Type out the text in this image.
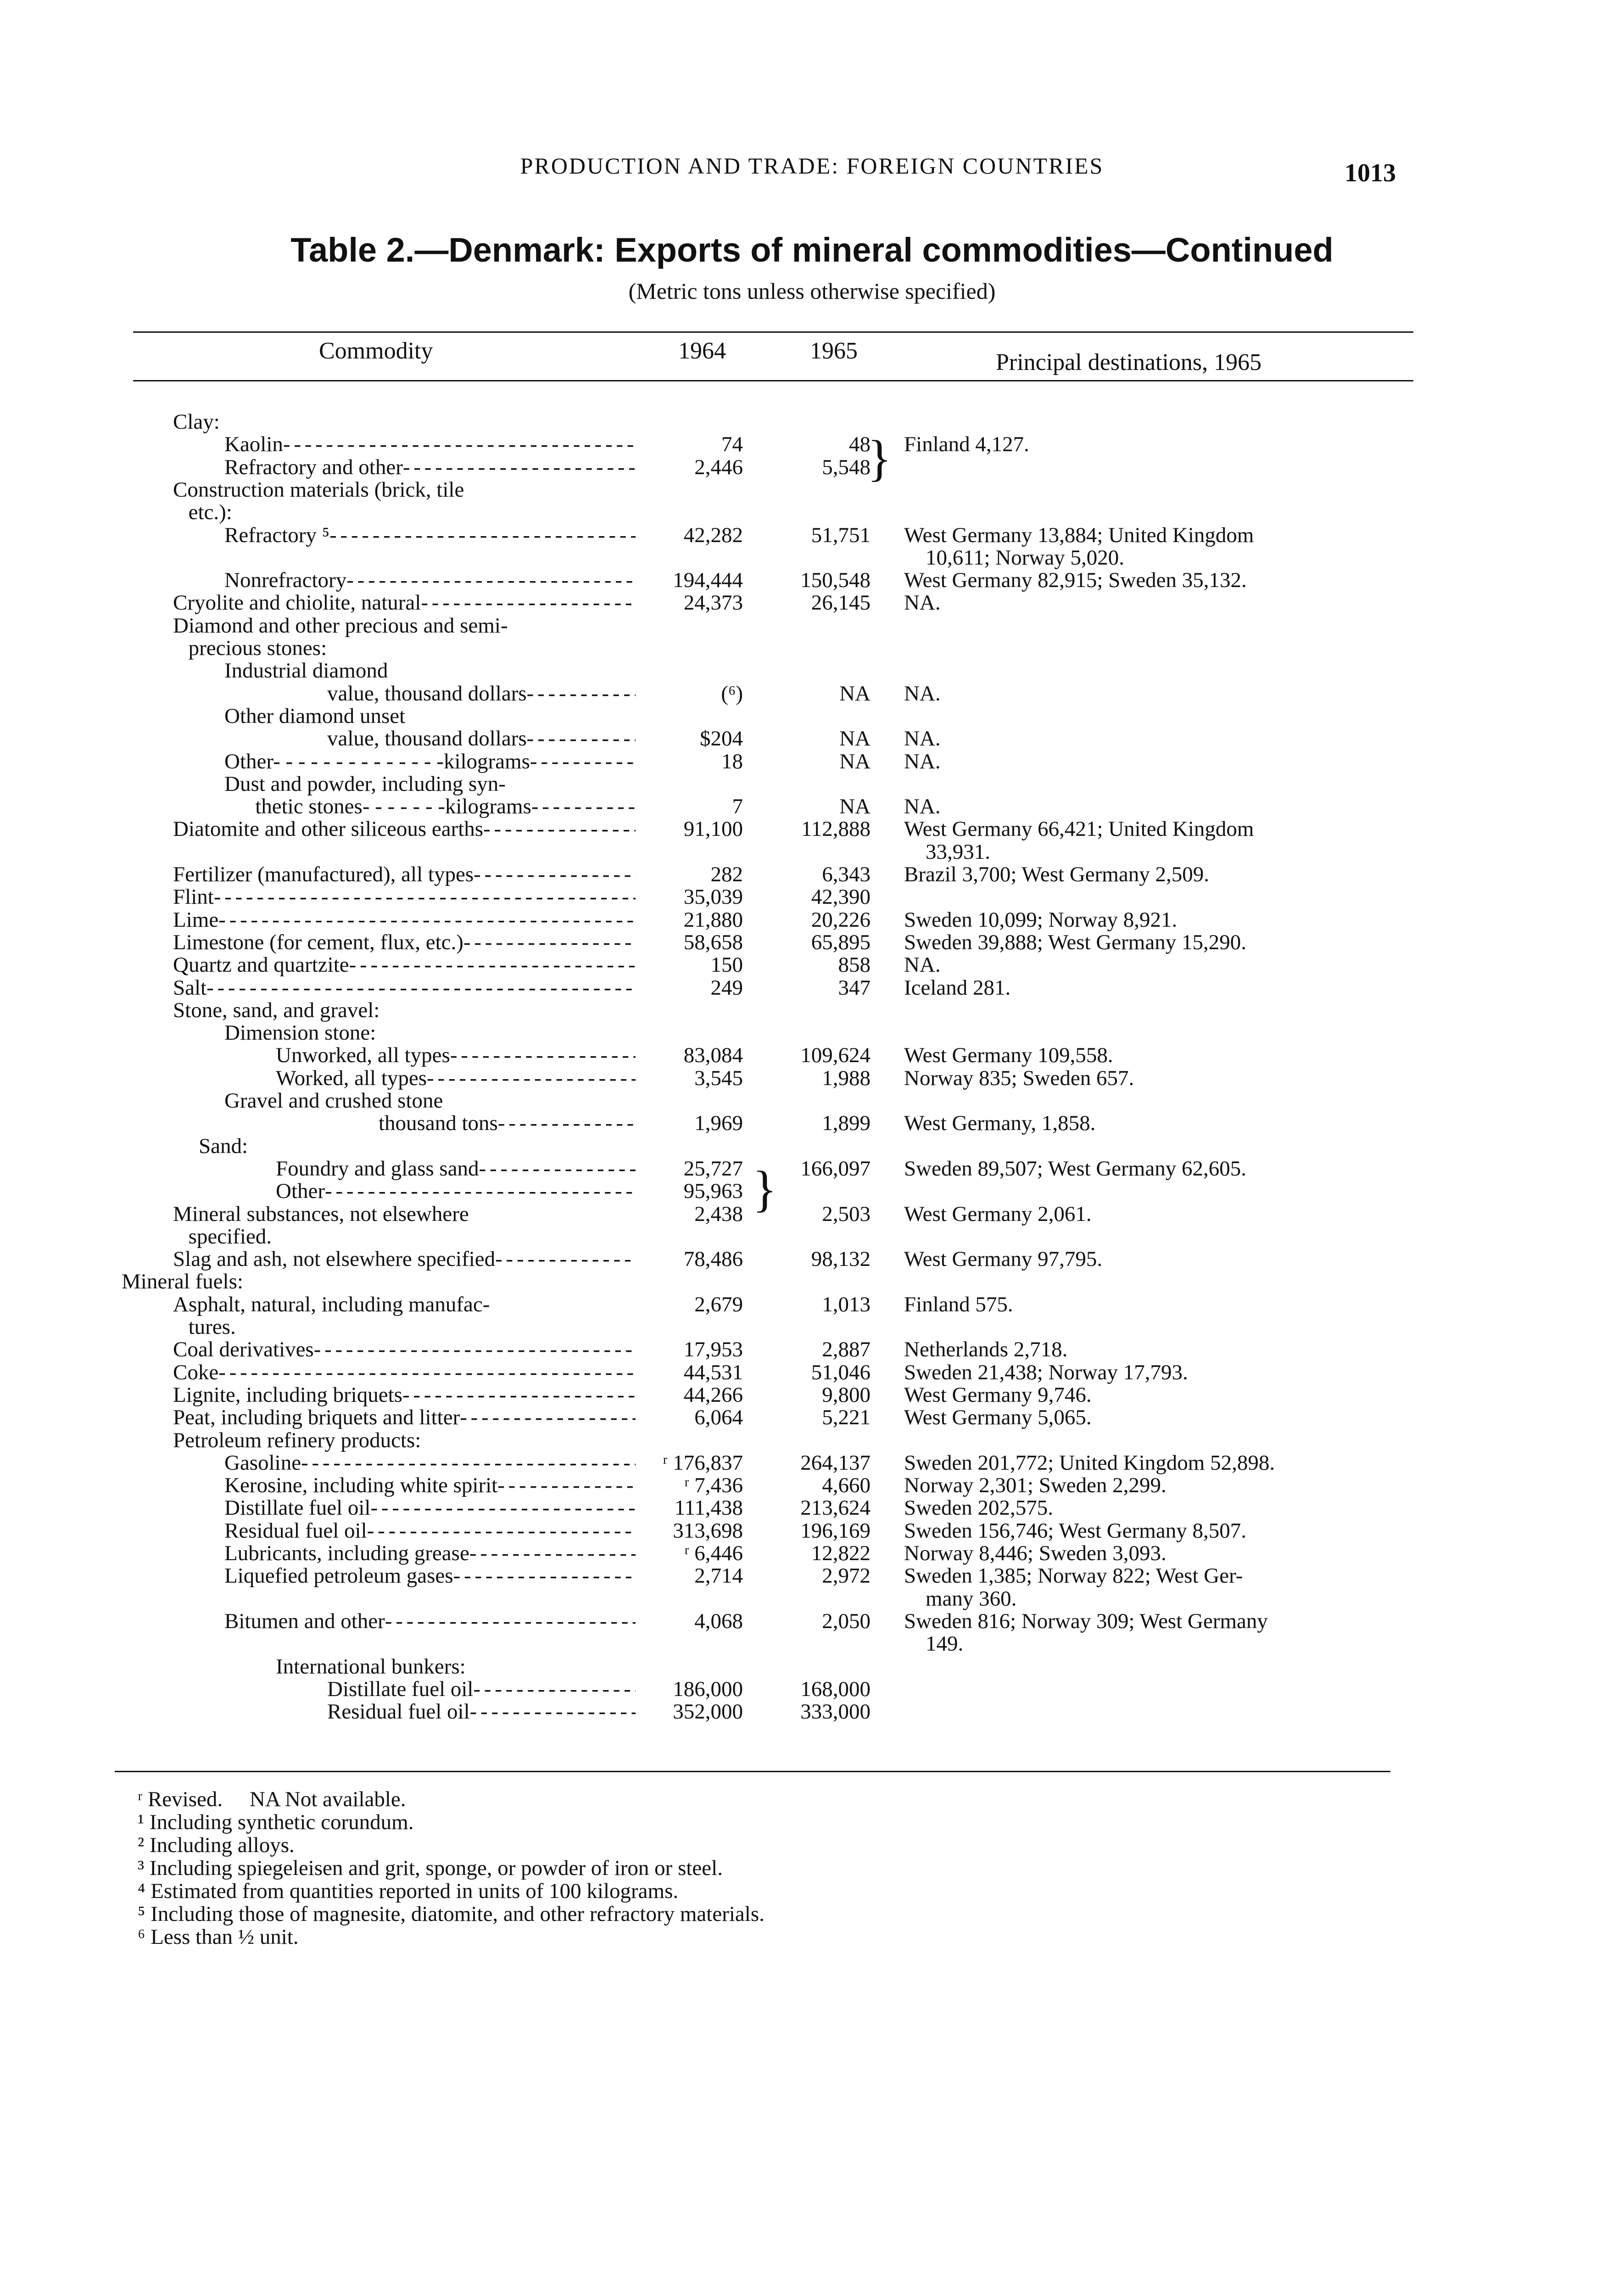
PRODUCTION AND TRADE: FOREIGN COUNTRIES	1013
Table 2.—Denmark: Exports of mineral commodities—Continued
(Metric tons unless otherwise specified)
Commodity	1964	1965	Principal destinations, 1965
Clay:
Kaolin - - -	74	48 Finland 4,127.
Refractory and other - - -	2,446	5,548
Construction materials (brick, tile
etc.):
Refractory ⁵ - - -	42,282	51,751 West Germany 13,884; United Kingdom
10,611; Norway 5,020.
Nonrefractory - - -	194,444	150,548 West Germany 82,915; Sweden 35,132.
Cryolite and chiolite, natural - - -	24,373	26,145 NA.
Diamond and other precious and semi-
precious stones:
Industrial diamond
value, thousand dollars - - -	(⁶)	NA NA.
Other diamond unset
value, thousand dollars - - -	$204	NA NA.
Other- - - - - - - - - - - - - -kilograms - - -	18	NA NA.
Dust and powder, including syn-
thetic stones- - - - - - -kilograms - - -	7	NA NA.
Diatomite and other siliceous earths - - -	91,100	112,888 West Germany 66,421; United Kingdom
33,931.
Fertilizer (manufactured), all types - - -	282	6,343 Brazil 3,700; West Germany 2,509.
Flint - - -	35,039	42,390
Lime - - -	21,880	20,226 Sweden 10,099; Norway 8,921.
Limestone (for cement, flux, etc.) - - -	58,658	65,895 Sweden 39,888; West Germany 15,290.
Quartz and quartzite - - -	150	858 NA.
Salt - - -	249	347 Iceland 281.
Stone, sand, and gravel:
Dimension stone:
Unworked, all types - - -	83,084	109,624 West Germany 109,558.
Worked, all types - - -	3,545	1,988 Norway 835; Sweden 657.
Gravel and crushed stone
thousand tons - - -	1,969	1,899 West Germany, 1,858.
Sand:
Foundry and glass sand - - -	25,727	166,097 Sweden 89,507; West Germany 62,605.
Other - - -	95,963
Mineral substances, not elsewhere	2,438	2,503 West Germany 2,061.
specified.
Slag and ash, not elsewhere specified - - -	78,486	98,132 West Germany 97,795.
Mineral fuels:
Asphalt, natural, including manufac-	2,679	1,013 Finland 575.
tures.
Coal derivatives - - -	17,953	2,887 Netherlands 2,718.
Coke - - -	44,531	51,046 Sweden 21,438; Norway 17,793.
Lignite, including briquets - - -	44,266	9,800 West Germany 9,746.
Peat, including briquets and litter - - -	6,064	5,221 West Germany 5,065.
Petroleum refinery products:
Gasoline - - -	ʳ 176,837	264,137 Sweden 201,772; United Kingdom 52,898.
Kerosine, including white spirit - - -	ʳ 7,436	4,660 Norway 2,301; Sweden 2,299.
Distillate fuel oil - - -	111,438	213,624 Sweden 202,575.
Residual fuel oil - - -	313,698	196,169 Sweden 156,746; West Germany 8,507.
Lubricants, including grease - - -	ʳ 6,446	12,822 Norway 8,446; Sweden 3,093.
Liquefied petroleum gases - - -	2,714	2,972 Sweden 1,385; Norway 822; West Ger-
many 360.
Bitumen and other - - -	4,068	2,050 Sweden 816; Norway 309; West Germany
149.
International bunkers:
Distillate fuel oil - - -	186,000	168,000
Residual fuel oil - - -	352,000	333,000
}
}
ʳ Revised.     NA Not available.
¹ Including synthetic corundum.
² Including alloys.
³ Including spiegeleisen and grit, sponge, or powder of iron or steel.
⁴ Estimated from quantities reported in units of 100 kilograms.
⁵ Including those of magnesite, diatomite, and other refractory materials.
⁶ Less than ½ unit.
